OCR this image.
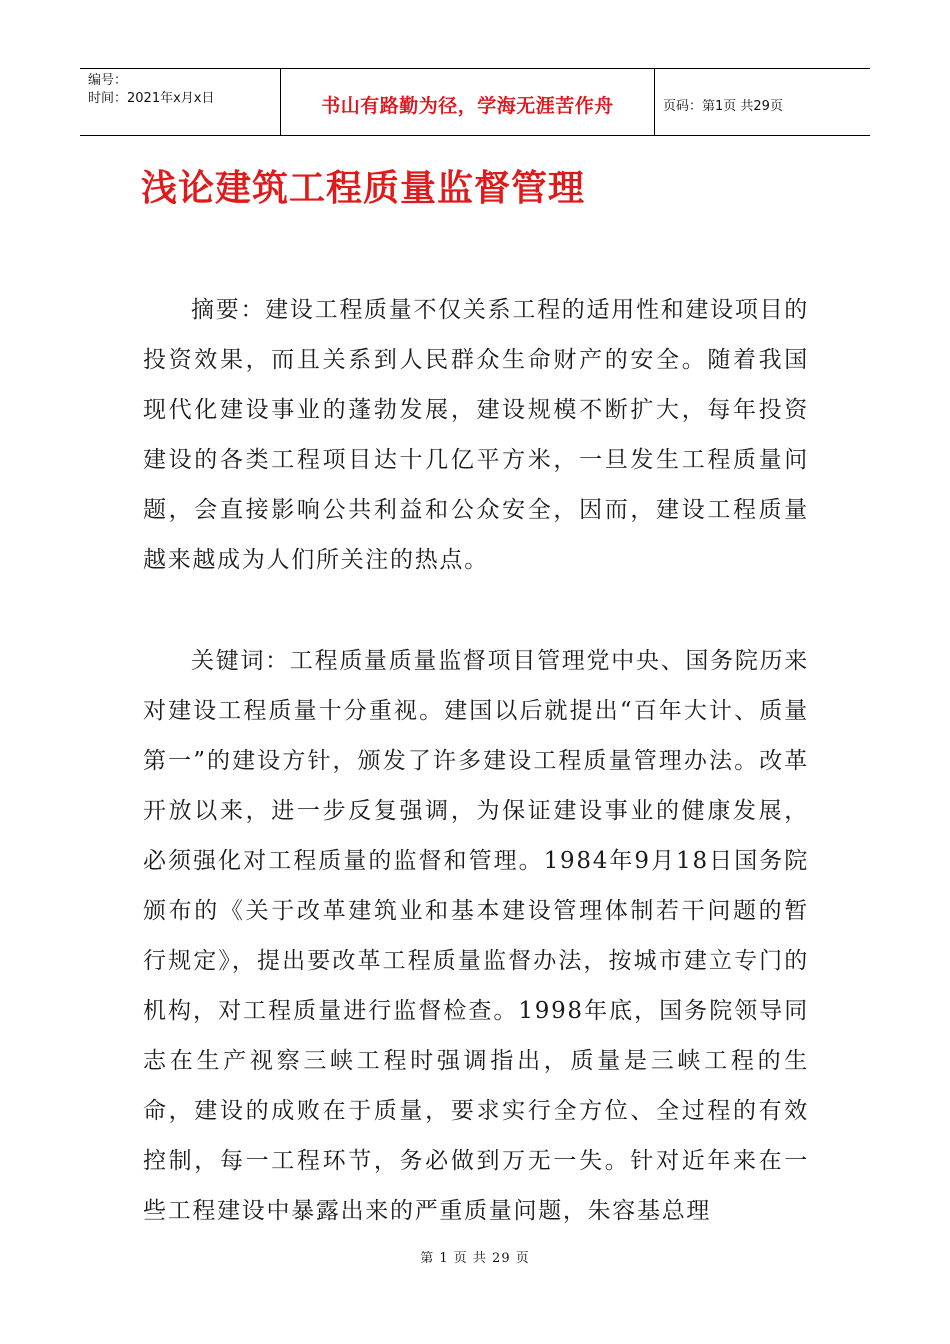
编号：
时间：2021年x月x日	书山有路勤为径，学海无涯苦作舟	页码：第1页 共29页
浅论建筑工程质量监督管理

摘要：建设工程质量不仅关系工程的适用性和建设项目的投资效果，而且关系到人民群众生命财产的安全。随着我国现代化建设事业的蓬勃发展，建设规模不断扩大，每年投资建设的各类工程项目达十几亿平方米，一旦发生工程质量问题，会直接影响公共利益和公众安全，因而，建设工程质量越来越成为人们所关注的热点。

关键词：工程质量质量监督项目管理党中央、国务院历来对建设工程质量十分重视。建国以后就提出“百年大计、质量第一”的建设方针，颁发了许多建设工程质量管理办法。改革开放以来，进一步反复强调，为保证建设事业的健康发展，必须强化对工程质量的监督和管理。1984年9月18日国务院颁布的《关于改革建筑业和基本建设管理体制若干问题的暂行规定》，提出要改革工程质量监督办法，按城市建立专门的机构，对工程质量进行监督检查。1998年底，国务院领导同志在生产视察三峡工程时强调指出，质量是三峡工程的生命，建设的成败在于质量，要求实行全方位、全过程的有效控制，每一工程环节，务必做到万无一失。针对近年来在一些工程建设中暴露出来的严重质量问题，朱容基总理

第 1 页 共 29 页
